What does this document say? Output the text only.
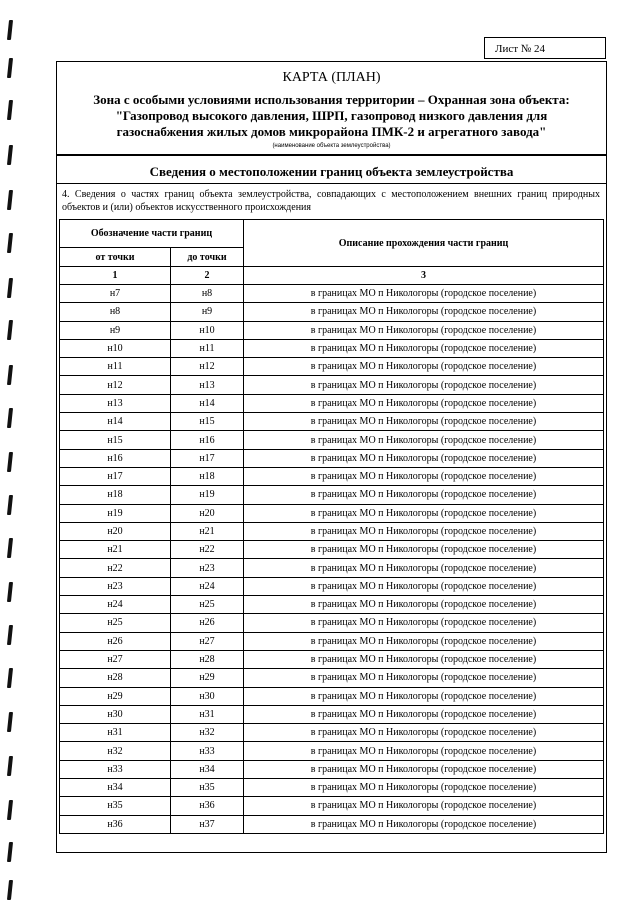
Лист № 24
КАРТА (ПЛАН)
Зона с особыми условиями использования территории – Охранная зона объекта:
"Газопровод высокого давления, ШРП, газопровод низкого давления для
газоснабжения жилых домов микрорайона ПМК-2 и агрегатного завода"
(наименование объекта землеустройства)
Сведения о местоположении границ объекта землеустройства
4. Сведения о частях границ объекта землеустройства, совпадающих с местоположением внешних границ природных объектов и (или) объектов искусственного происхождения
Обозначение части границ		Описание прохождения части границ
от точки	до точки	
1	2	3
н7	н8	в границах МО п Никологоры (городское поселение)
н8	н9	в границах МО п Никологоры (городское поселение)
н9	н10	в границах МО п Никологоры (городское поселение)
н10	н11	в границах МО п Никологоры (городское поселение)
н11	н12	в границах МО п Никологоры (городское поселение)
н12	н13	в границах МО п Никологоры (городское поселение)
н13	н14	в границах МО п Никологоры (городское поселение)
н14	н15	в границах МО п Никологоры (городское поселение)
н15	н16	в границах МО п Никологоры (городское поселение)
н16	н17	в границах МО п Никологоры (городское поселение)
н17	н18	в границах МО п Никологоры (городское поселение)
н18	н19	в границах МО п Никологоры (городское поселение)
н19	н20	в границах МО п Никологоры (городское поселение)
н20	н21	в границах МО п Никологоры (городское поселение)
н21	н22	в границах МО п Никологоры (городское поселение)
н22	н23	в границах МО п Никологоры (городское поселение)
н23	н24	в границах МО п Никологоры (городское поселение)
н24	н25	в границах МО п Никологоры (городское поселение)
н25	н26	в границах МО п Никологоры (городское поселение)
н26	н27	в границах МО п Никологоры (городское поселение)
н27	н28	в границах МО п Никологоры (городское поселение)
н28	н29	в границах МО п Никологоры (городское поселение)
н29	н30	в границах МО п Никологоры (городское поселение)
н30	н31	в границах МО п Никологоры (городское поселение)
н31	н32	в границах МО п Никологоры (городское поселение)
н32	н33	в границах МО п Никологоры (городское поселение)
н33	н34	в границах МО п Никологоры (городское поселение)
н34	н35	в границах МО п Никологоры (городское поселение)
н35	н36	в границах МО п Никологоры (городское поселение)
н36	н37	в границах МО п Никологоры (городское поселение)
